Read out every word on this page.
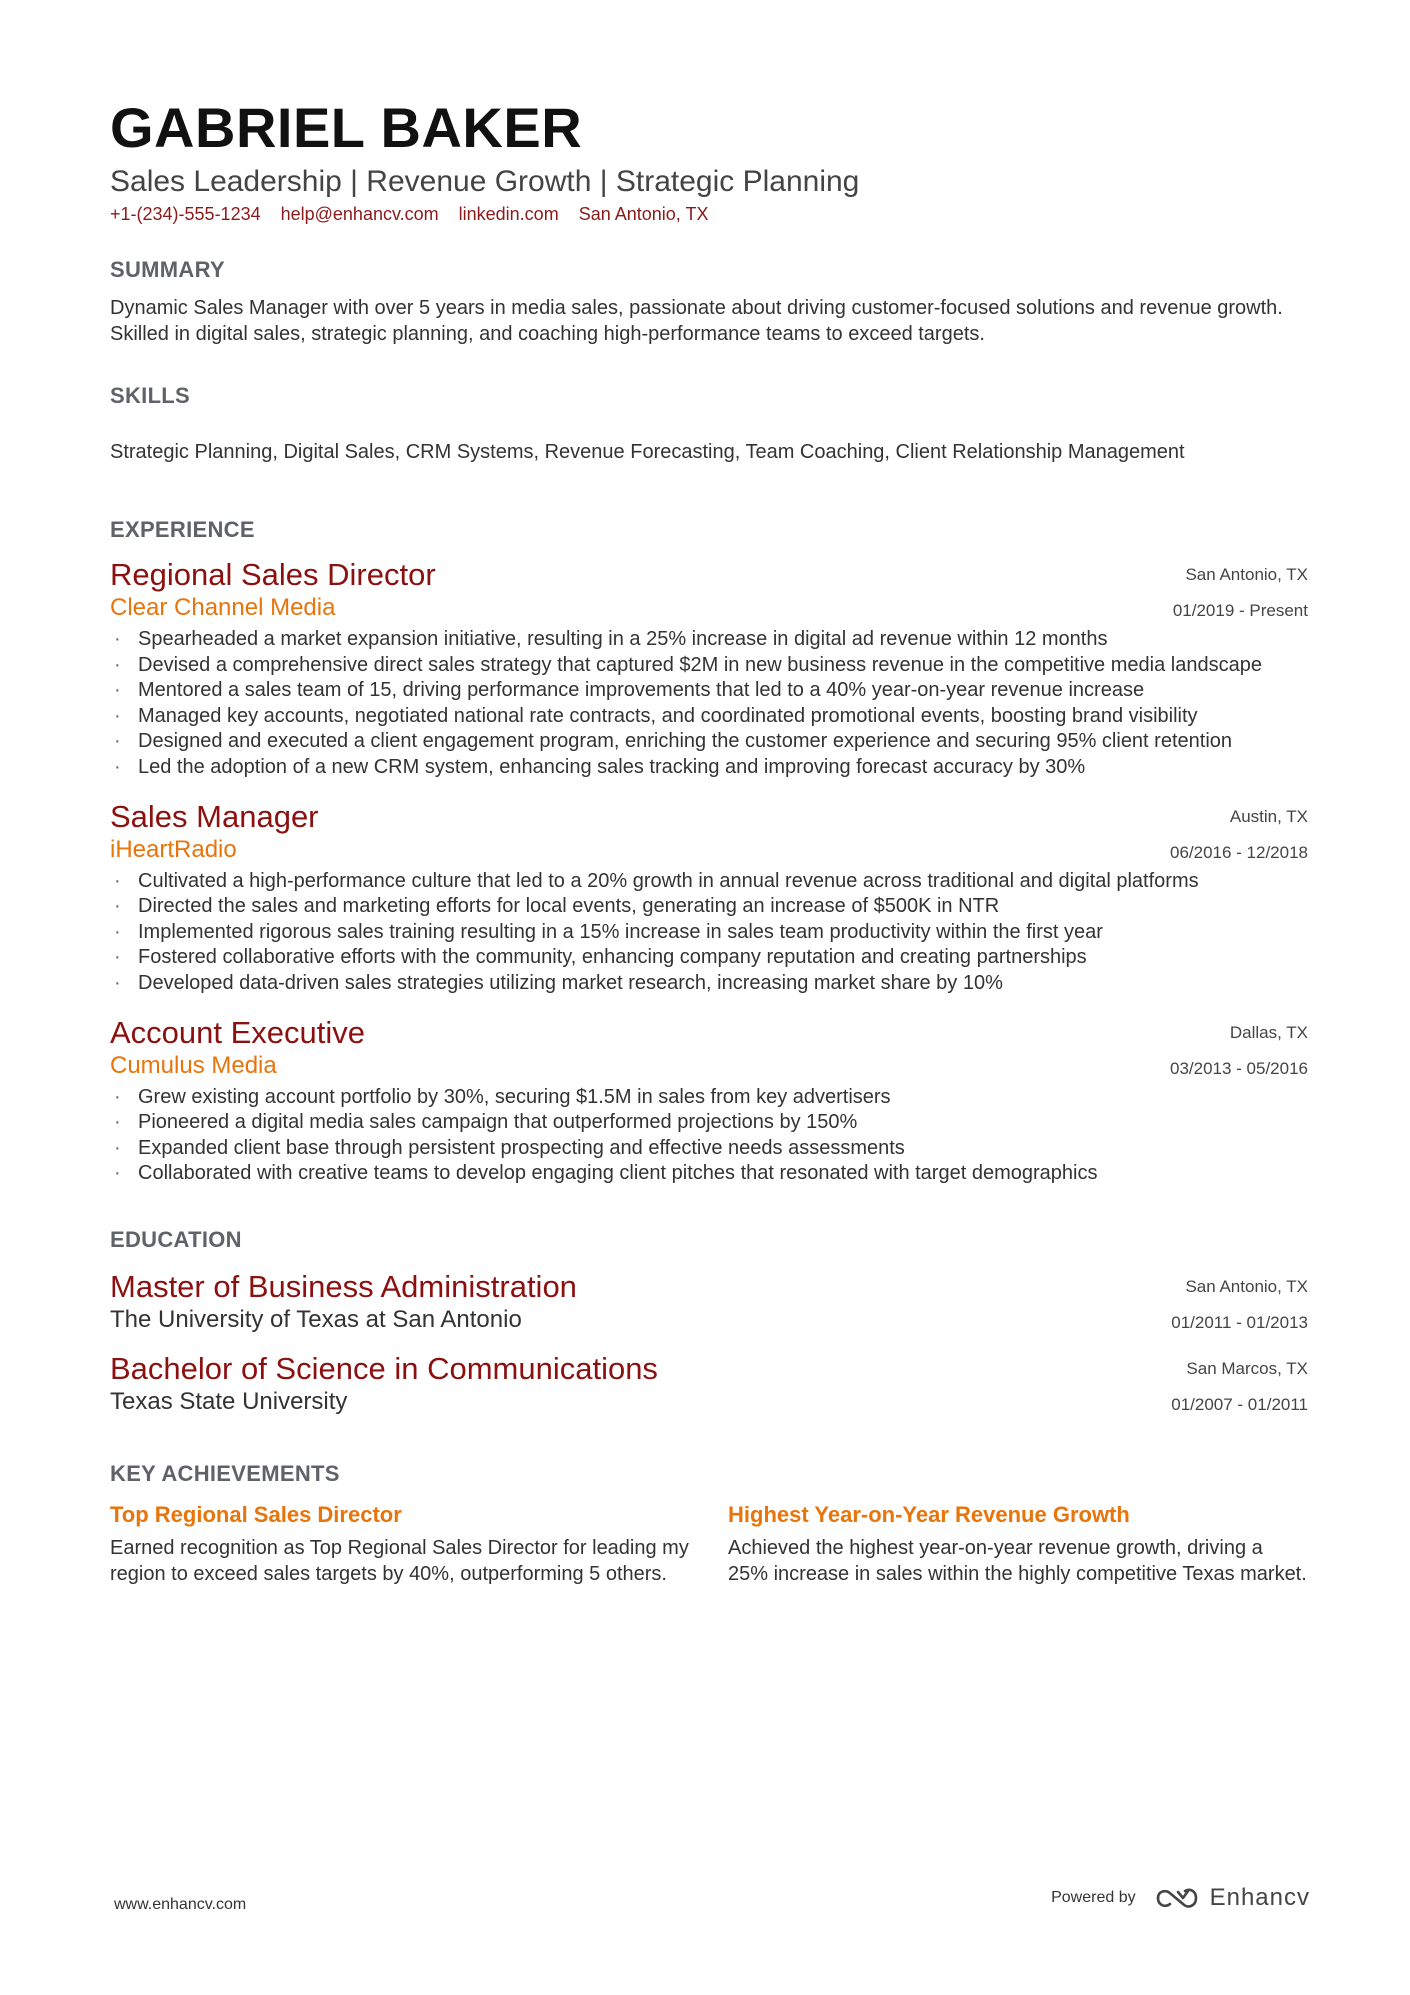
GABRIEL BAKER
Sales Leadership | Revenue Growth | Strategic Planning
+1-(234)-555-1234 help@enhancv.com linkedin.com San Antonio, TX
SUMMARY
Dynamic Sales Manager with over 5 years in media sales, passionate about driving customer-focused solutions and revenue growth. Skilled in digital sales, strategic planning, and coaching high-performance teams to exceed targets.
SKILLS
Strategic Planning, Digital Sales, CRM Systems, Revenue Forecasting, Team Coaching, Client Relationship Management
EXPERIENCE
Regional Sales Director
Clear Channel Media
San Antonio, TX
01/2019 - Present
· Spearheaded a market expansion initiative, resulting in a 25% increase in digital ad revenue within 12 months
· Devised a comprehensive direct sales strategy that captured $2M in new business revenue in the competitive media landscape
· Mentored a sales team of 15, driving performance improvements that led to a 40% year-on-year revenue increase
· Managed key accounts, negotiated national rate contracts, and coordinated promotional events, boosting brand visibility
· Designed and executed a client engagement program, enriching the customer experience and securing 95% client retention
· Led the adoption of a new CRM system, enhancing sales tracking and improving forecast accuracy by 30%
Sales Manager
iHeartRadio
Austin, TX
06/2016 - 12/2018
· Cultivated a high-performance culture that led to a 20% growth in annual revenue across traditional and digital platforms
· Directed the sales and marketing efforts for local events, generating an increase of $500K in NTR
· Implemented rigorous sales training resulting in a 15% increase in sales team productivity within the first year
· Fostered collaborative efforts with the community, enhancing company reputation and creating partnerships
· Developed data-driven sales strategies utilizing market research, increasing market share by 10%
Account Executive
Cumulus Media
Dallas, TX
03/2013 - 05/2016
· Grew existing account portfolio by 30%, securing $1.5M in sales from key advertisers
· Pioneered a digital media sales campaign that outperformed projections by 150%
· Expanded client base through persistent prospecting and effective needs assessments
· Collaborated with creative teams to develop engaging client pitches that resonated with target demographics
EDUCATION
Master of Business Administration
The University of Texas at San Antonio
San Antonio, TX
01/2011 - 01/2013
Bachelor of Science in Communications
Texas State University
San Marcos, TX
01/2007 - 01/2011
KEY ACHIEVEMENTS
Top Regional Sales Director
Earned recognition as Top Regional Sales Director for leading my region to exceed sales targets by 40%, outperforming 5 others.
Highest Year-on-Year Revenue Growth
Achieved the highest year-on-year revenue growth, driving a 25% increase in sales within the highly competitive Texas market.
www.enhancv.com	Powered by	Enhancv
